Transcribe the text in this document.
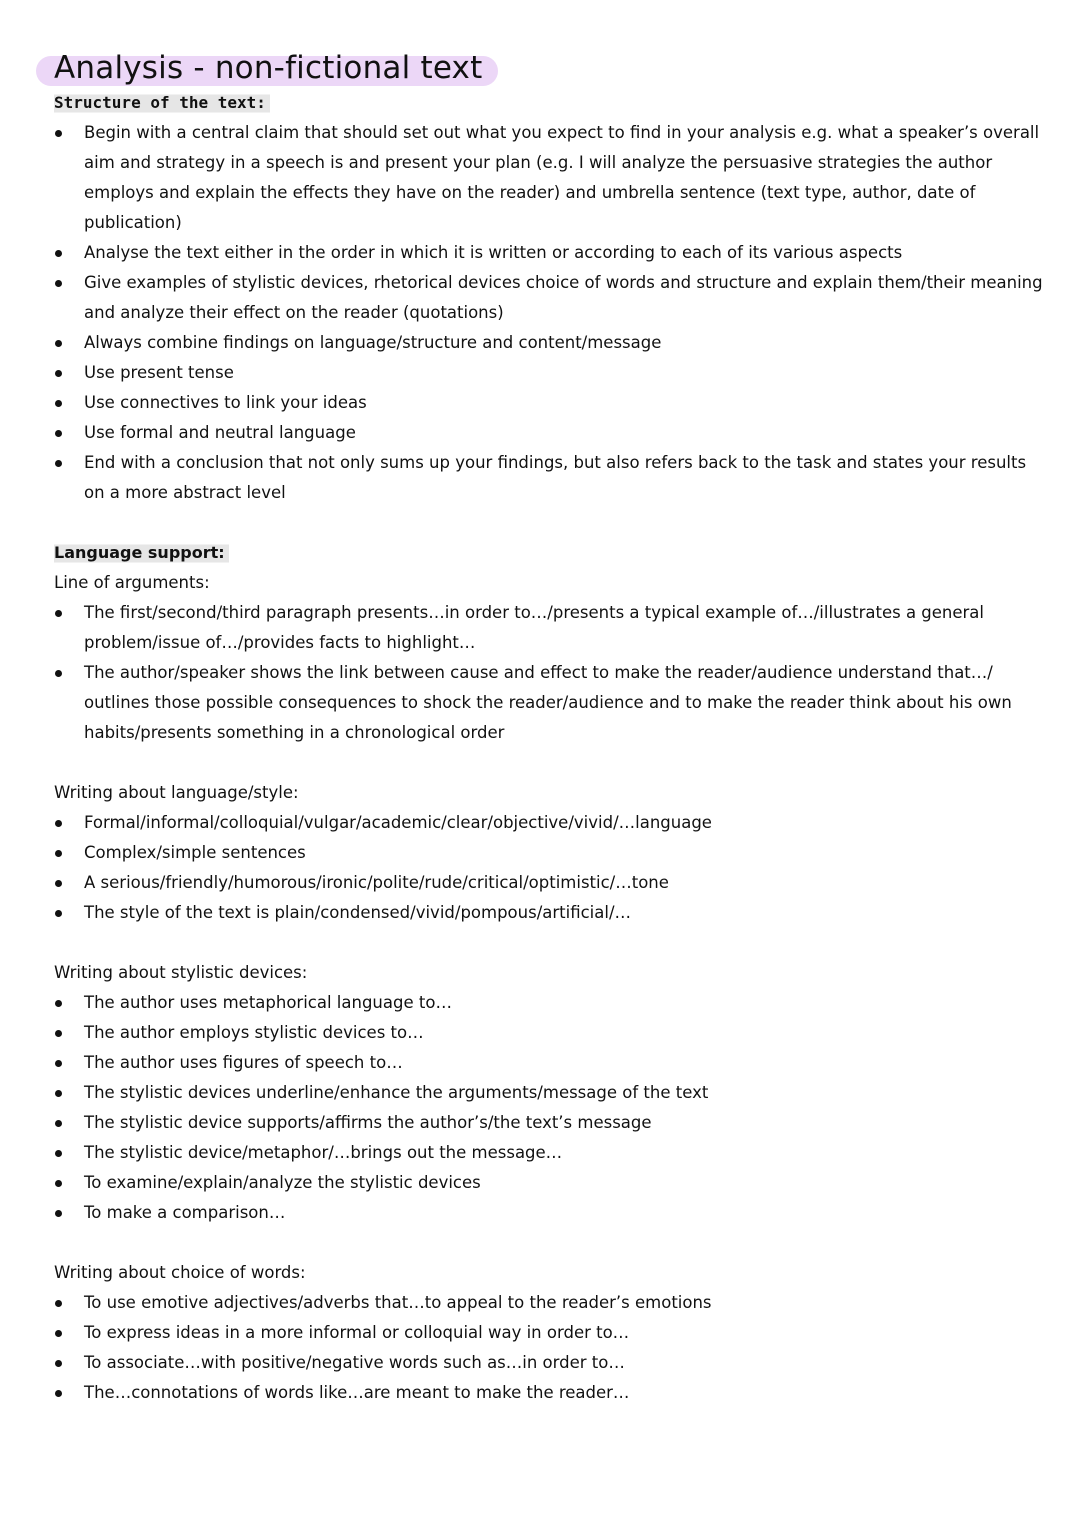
Analysis - non-fictional text
Structure of the text:
Begin with a central claim that should set out what you expect to find in your analysis e.g. what a speaker’s overall aim and strategy in a speech is and present your plan (e.g. I will analyze the persuasive strategies the author employs and explain the effects they have on the reader) and umbrella sentence (text type, author, date of publication)
Analyse the text either in the order in which it is written or according to each of its various aspects
Give examples of stylistic devices, rhetorical devices choice of words and structure and explain them/their meaning and analyze their effect on the reader (quotations)
Always combine findings on language/structure and content/message
Use present tense
Use connectives to link your ideas
Use formal and neutral language
End with a conclusion that not only sums up your findings, but also refers back to the task and states your results on a more abstract level
Language support:
Line of arguments:
The first/second/third paragraph presents…in order to…/presents a typical example of…/illustrates a general problem/issue of…/provides facts to highlight…
The author/speaker shows the link between cause and effect to make the reader/audience understand that…/ outlines those possible consequences to shock the reader/audience and to make the reader think about his own habits/presents something in a chronological order
Writing about language/style:
Formal/informal/colloquial/vulgar/academic/clear/objective/vivid/…language
Complex/simple sentences
A serious/friendly/humorous/ironic/polite/rude/critical/optimistic/…tone
The style of the text is plain/condensed/vivid/pompous/artificial/…
Writing about stylistic devices:
The author uses metaphorical language to…
The author employs stylistic devices to…
The author uses figures of speech to…
The stylistic devices underline/enhance the arguments/message of the text
The stylistic device supports/affirms the author’s/the text’s message
The stylistic device/metaphor/…brings out the message…
To examine/explain/analyze the stylistic devices
To make a comparison…
Writing about choice of words:
To use emotive adjectives/adverbs that…to appeal to the reader’s emotions
To express ideas in a more informal or colloquial way in order to…
To associate…with positive/negative words such as…in order to…
The…connotations of words like…are meant to make the reader…
